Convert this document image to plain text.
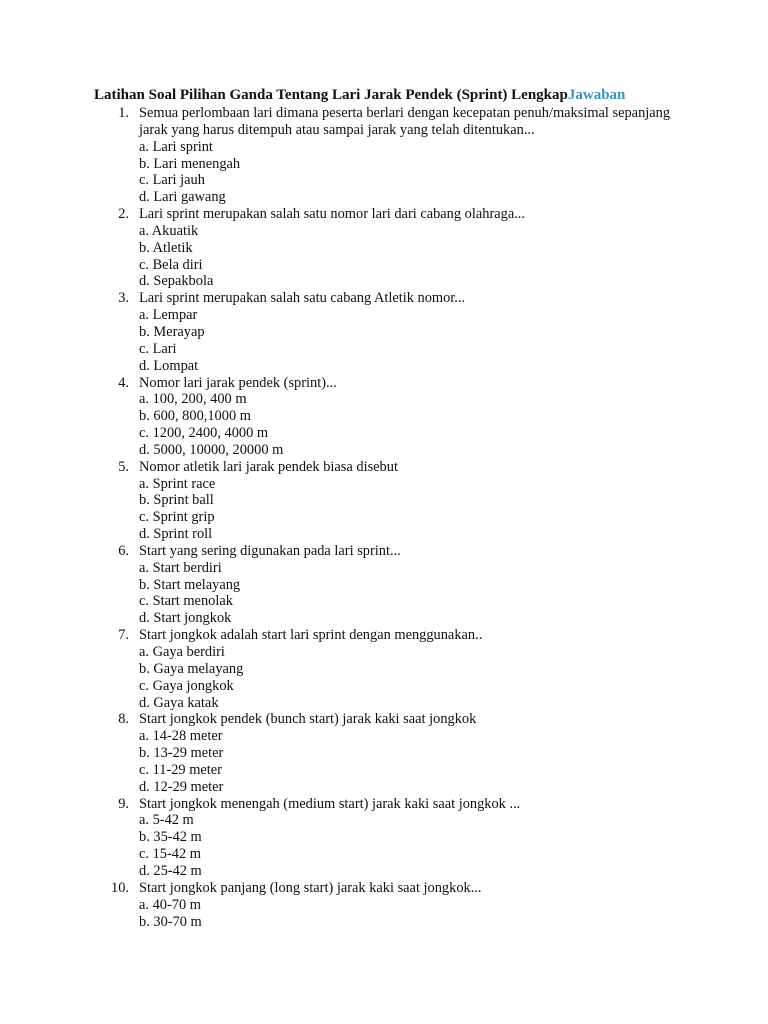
Latihan Soal Pilihan Ganda Tentang Lari Jarak Pendek (Sprint) LengkapJawaban
1. Semua perlombaan lari dimana peserta berlari dengan kecepatan penuh/maksimal sepanjang jarak yang harus ditempuh atau sampai jarak yang telah ditentukan...
a. Lari sprint
b. Lari menengah
c. Lari jauh
d. Lari gawang
2. Lari sprint merupakan salah satu nomor lari dari cabang olahraga...
a. Akuatik
b. Atletik
c. Bela diri
d. Sepakbola
3. Lari sprint merupakan salah satu cabang Atletik nomor...
a. Lempar
b. Merayap
c. Lari
d. Lompat
4. Nomor lari jarak pendek (sprint)...
a. 100, 200, 400 m
b. 600, 800,1000 m
c. 1200, 2400, 4000 m
d. 5000, 10000, 20000 m
5. Nomor atletik lari jarak pendek biasa disebut
a. Sprint race
b. Sprint ball
c. Sprint grip
d. Sprint roll
6. Start yang sering digunakan pada lari sprint...
a. Start berdiri
b. Start melayang
c. Start menolak
d. Start jongkok
7. Start jongkok adalah start lari sprint dengan menggunakan..
a. Gaya berdiri
b. Gaya melayang
c. Gaya jongkok
d. Gaya katak
8. Start jongkok pendek (bunch start) jarak kaki saat jongkok
a. 14-28 meter
b. 13-29 meter
c. 11-29 meter
d. 12-29 meter
9. Start jongkok menengah (medium start) jarak kaki saat jongkok ...
a. 5-42 m
b. 35-42 m
c. 15-42 m
d. 25-42 m
10. Start jongkok panjang (long start) jarak kaki saat jongkok...
a. 40-70 m
b. 30-70 m
